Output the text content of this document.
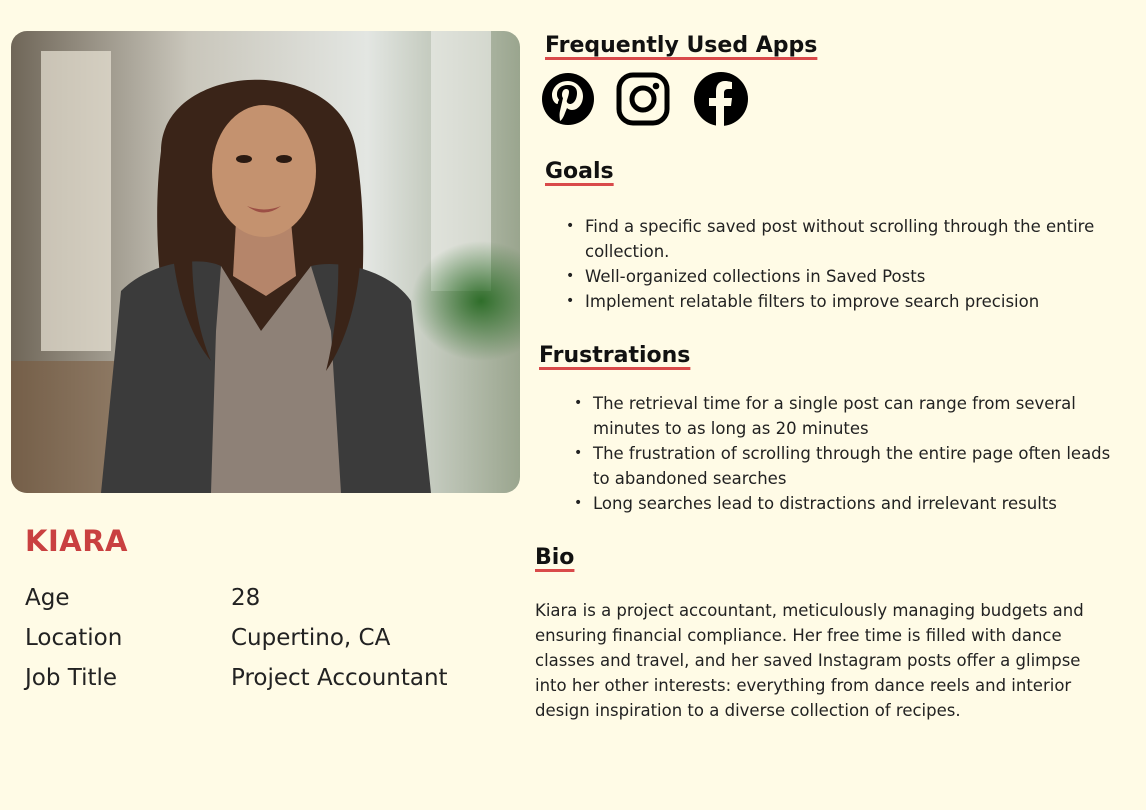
KIARA
Age	28
Location	Cupertino, CA
Job Title	Project Accountant
Frequently Used Apps
Goals
• Find a specific saved post without scrolling through the entire collection.
• Well-organized collections in Saved Posts
• Implement relatable filters to improve search precision
Frustrations
• The retrieval time for a single post can range from several minutes to as long as 20 minutes
• The frustration of scrolling through the entire page often leads to abandoned searches
• Long searches lead to distractions and irrelevant results
Bio

Kiara is a project accountant, meticulously managing budgets and ensuring financial compliance. Her free time is filled with dance classes and travel, and her saved Instagram posts offer a glimpse into her other interests: everything from dance reels and interior design inspiration to a diverse collection of recipes.
